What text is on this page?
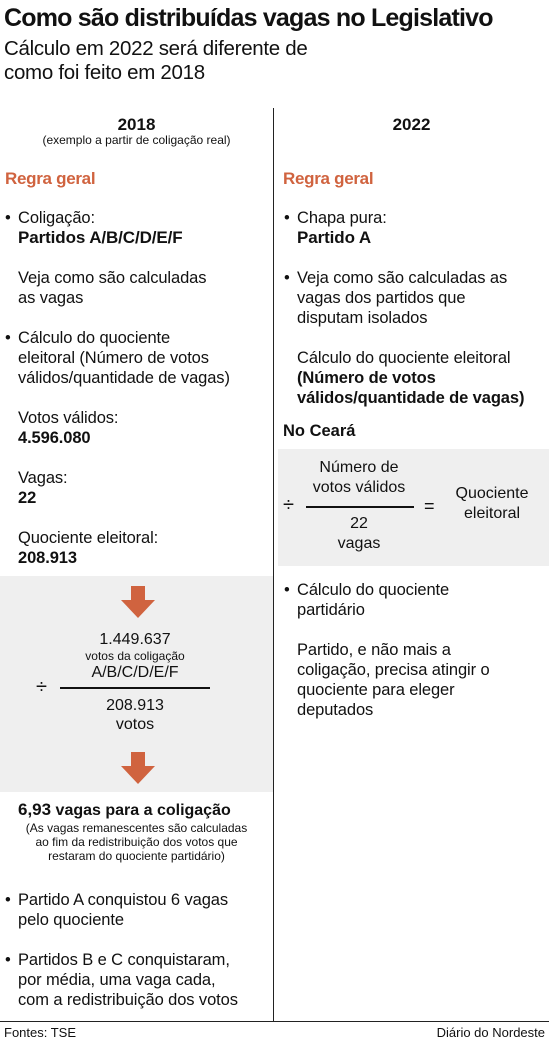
Como são distribuídas vagas no Legislativo
Cálculo em 2022 será diferente de
como foi feito em 2018
2018
(exemplo a partir de coligação real)
Regra geral
• Coligação:
Partidos A/B/C/D/E/F
Veja como são calculadas
as vagas
• Cálculo do quociente
eleitoral (Número de votos
válidos/quantidade de vagas)
Votos válidos:
4.596.080
Vagas:
22
Quociente eleitoral:
208.913
1.449.637
votos da coligação
A/B/C/D/E/F
÷
208.913
votos
6,93 vagas para a coligação
(As vagas remanescentes são calculadas
ao fim da redistribuição dos votos que
restaram do quociente partidário)
• Partido A conquistou 6 vagas
pelo quociente
• Partidos B e C conquistaram,
por média, uma vaga cada,
com a redistribuição dos votos
2022
Regra geral
• Chapa pura:
Partido A
• Veja como são calculadas as
vagas dos partidos que
disputam isolados
Cálculo do quociente eleitoral
(Número de votos
válidos/quantidade de vagas)
No Ceará
÷
Número de
votos válidos
22
vagas
=
Quociente
eleitoral
• Cálculo do quociente
partidário
Partido, e não mais a
coligação, precisa atingir o
quociente para eleger
deputados
Fontes: TSE	Diário do Nordeste
